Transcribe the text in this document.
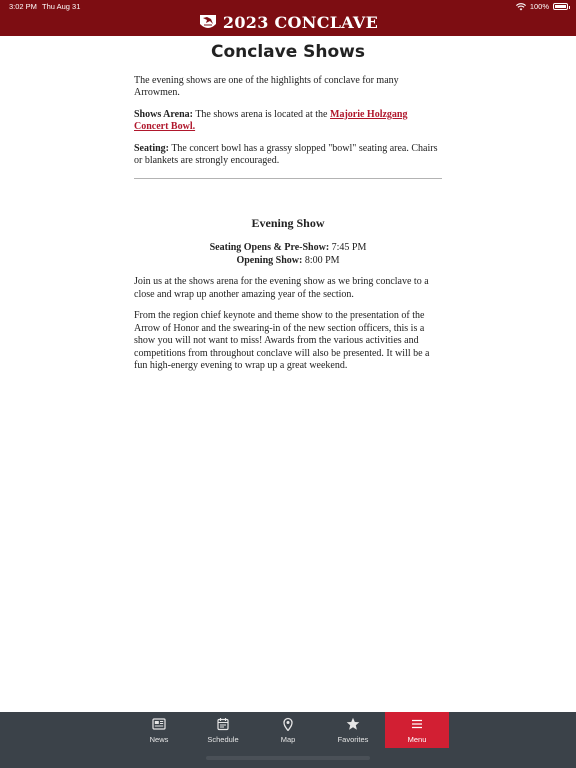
3:02 PM Thu Aug 31	100%
2023 CONCLAVE
Conclave Shows

The evening shows are one of the highlights of conclave for many Arrowmen.

Shows Arena: The shows arena is located at the Majorie Holzgang Concert Bowl.

Seating: The concert bowl has a grassy slopped "bowl" seating area. Chairs or blankets are strongly encouraged.

Evening Show
Seating Opens & Pre-Show: 7:45 PM
Opening Show: 8:00 PM

Join us at the shows arena for the evening show as we bring conclave to a close and wrap up another amazing year of the section.

From the region chief keynote and theme show to the presentation of the Arrow of Honor and the swearing-in of the new section officers, this is a show you will not want to miss! Awards from the various activities and competitions from throughout conclave will also be presented. It will be a fun high-energy evening to wrap up a great weekend.

News	Schedule	Map	Favorites	Menu
